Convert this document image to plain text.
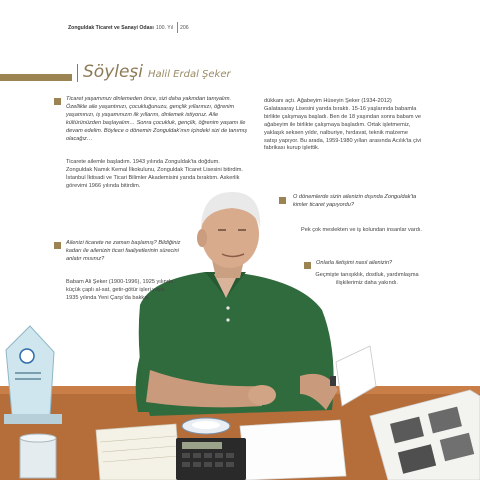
Zonguldak Ticaret ve Sanayi Odası 100. Yıl 206
Söyleşi Halil Erdal Şeker
Ticaret yaşamınızı dinlemeden önce, sizi daha yakından tanıyalım. Özellikle aile yaşantınızı, çocukluğunuzu, gençlik yıllarınızı, öğrenim yaşamınızı, iş yaşamınızın ilk yıllarını, dinlemek istiyoruz. Aile kültürünüzden başlayalım… Sonra çocukluk, gençlik, öğrenim yaşamı ile devam edelim. Böylece o dönemin Zonguldak'ının içindeki sizi de tanımış olacağız…
Ticarete ailemle başladım. 1943 yılında Zonguldak'ta doğdum. Zonguldak Namık Kemal İlkokulunu, Zonguldak Ticaret Lisesini bitirdim. İstanbul İktisadi ve Ticari Bilimler Akademisini yarıda bıraktım. Askerlik görevimi 1966 yılında bitirdim.
Ailenizi ticarete ne zaman başlamış? Bildiğiniz kadarı ile ailenizin ticari faaliyetlerinin sürecini anlatır mısınız?
Babam Ali Şeker (1900-1996), 1925 yılında küçük çaplı al-sat, getir-götür işleri yaptı. 1935 yılında Yeni Çarşı'da bakkal
dükkanı açtı. Ağabeyim Hüseyin Şeker (1934-2012) Galatasaray Lisesini yarıda bıraktı. 15-16 yaşlarında babamla birlikte çalışmaya başladı. Ben de 18 yaşından sonra babam ve ağabeyim ile birlikte çalışmaya başladım. Ortak işletmemiz, yaklaşık seksen yıldır, nalburiye, hırdavat, teknik malzeme satışı yapıyor. Bu arada, 1959-1980 yılları arasında Acılık'ta çivi fabrikası kurup işlettik.
O dönemlerde sizin ailenizin dışında Zonguldak'ta kimler ticaret yapıyordu?
Pek çok meslekten ve iş kolundan insanlar vardı.
Onlarla iletişimi nasıl ailenizin?
Geçmişte tanışıklık, dostluk, yardımlaşma ilişkilerimiz daha yakındı.
